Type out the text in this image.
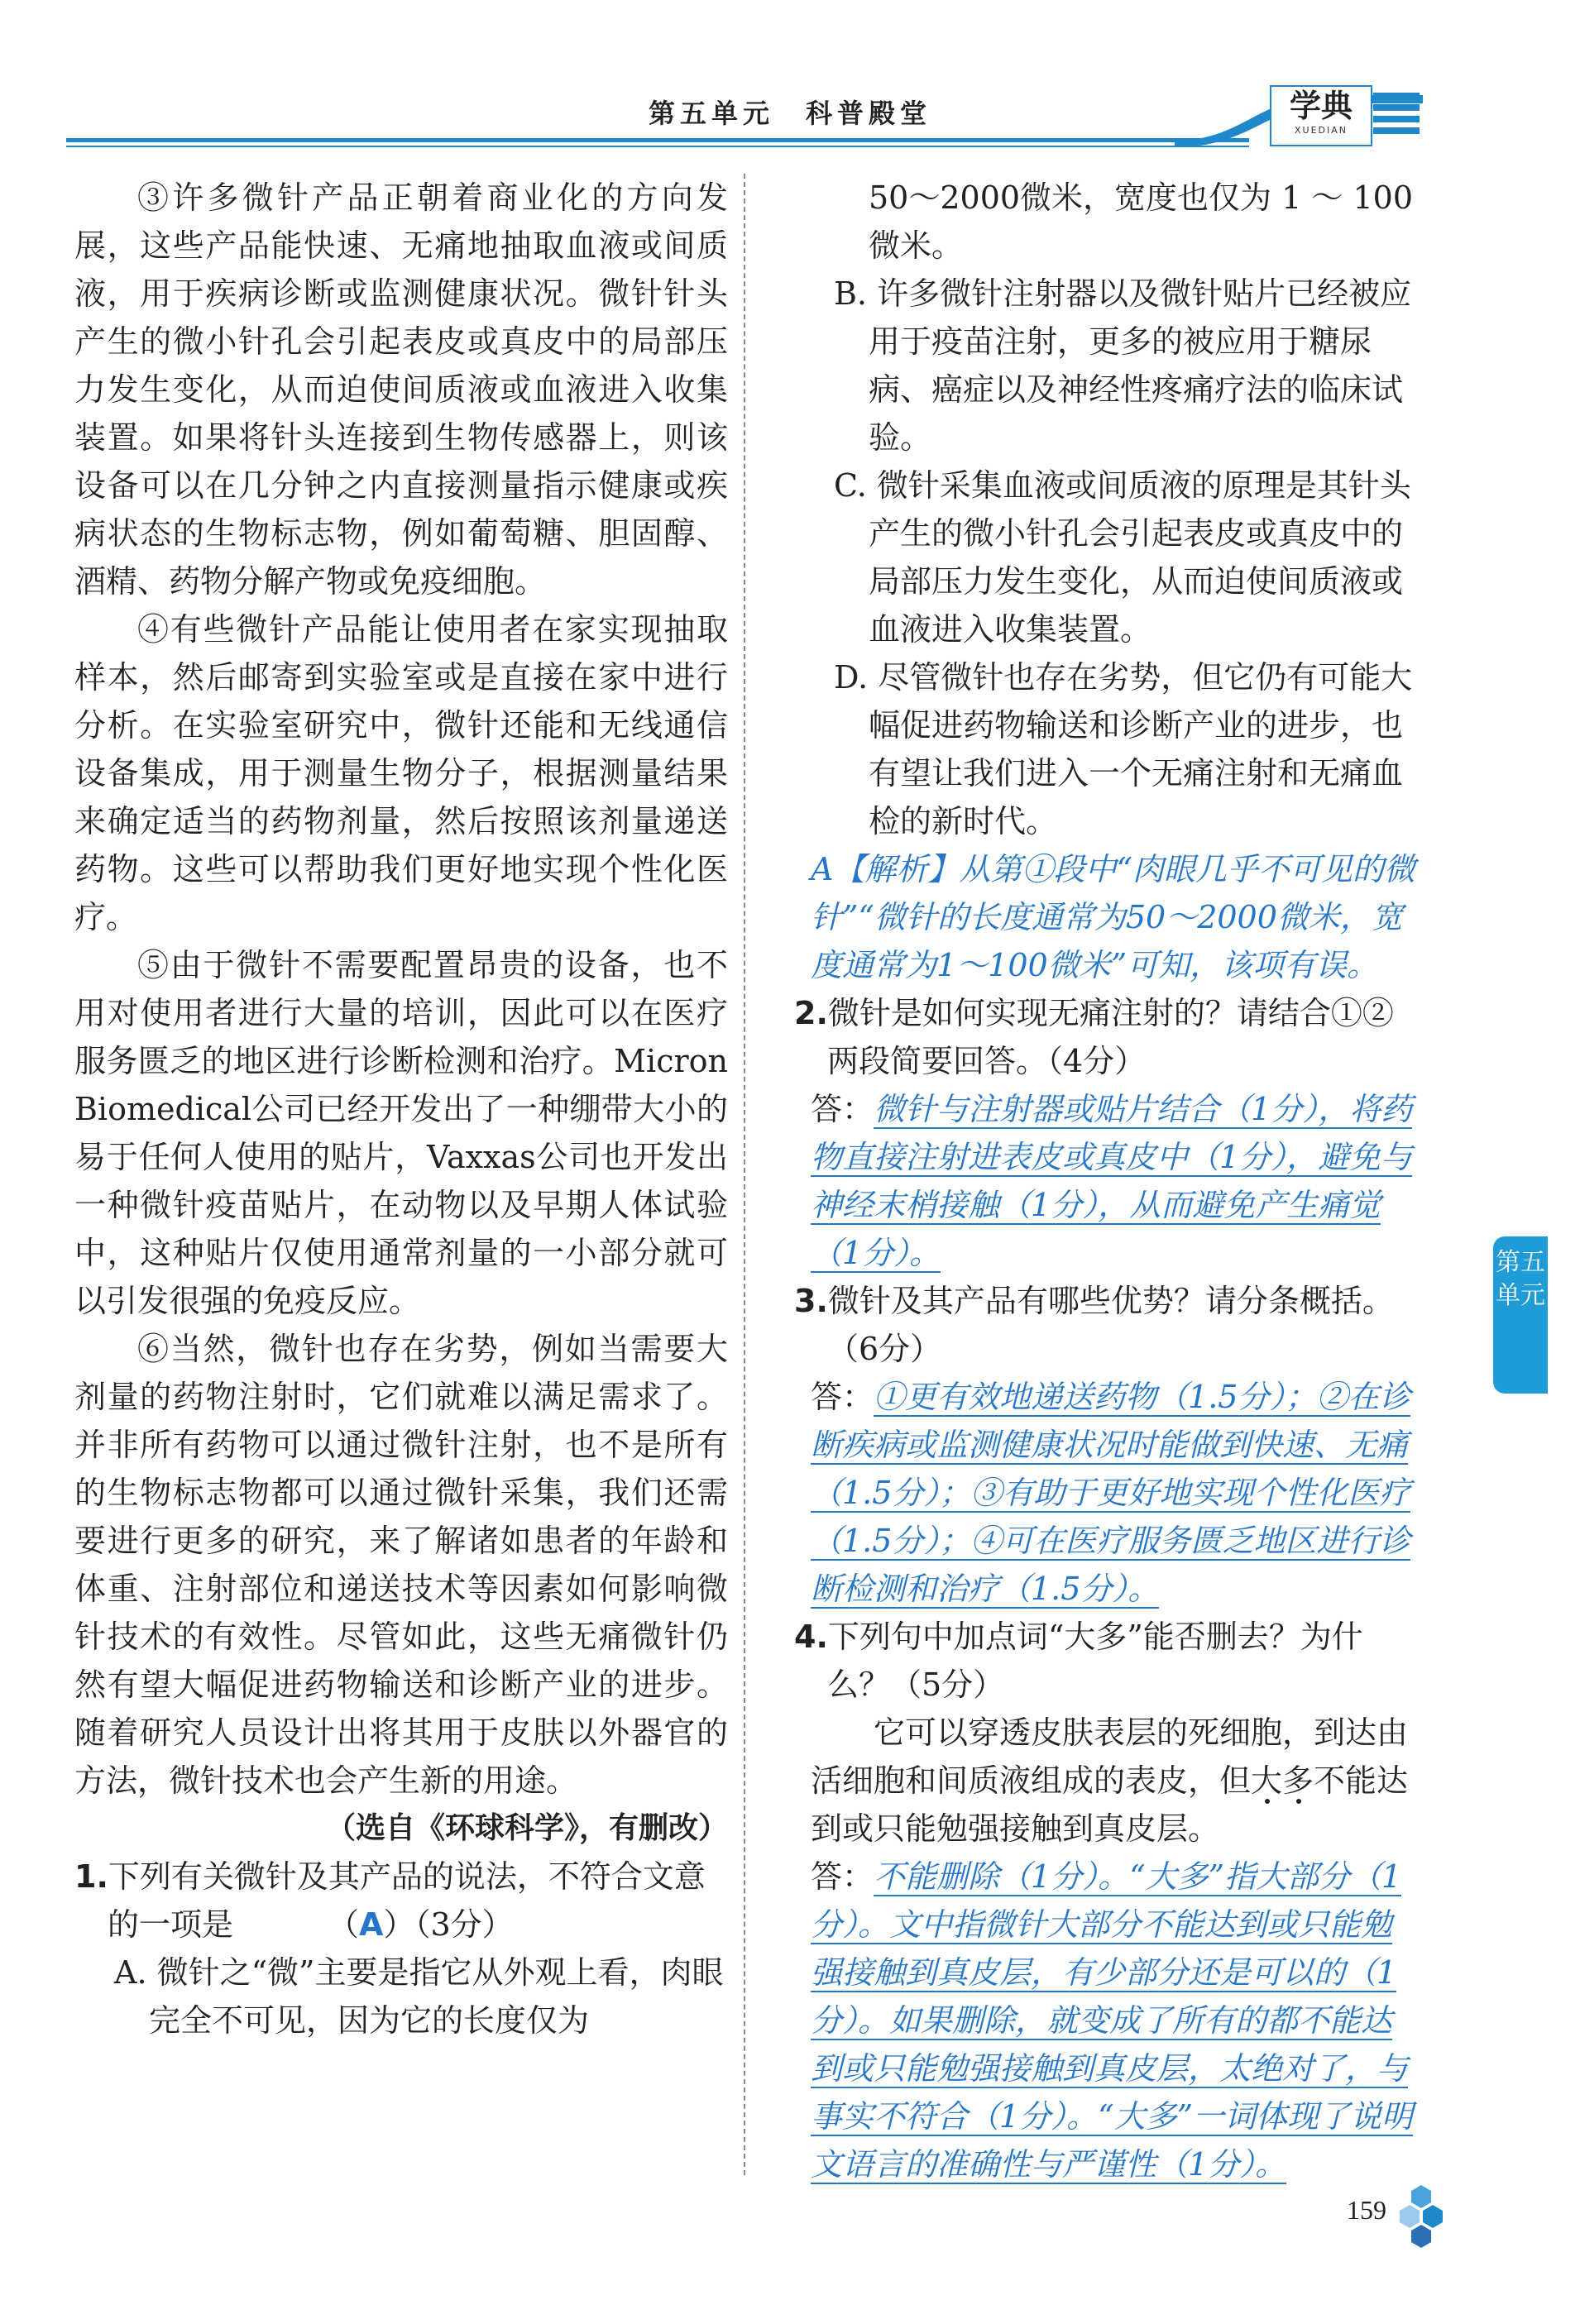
第五单元　科普殿堂	学典
XUEDIAN

③许多微针产品正朝着商业化的方向发展，这些产品能快速、无痛地抽取血液或间质液，用于疾病诊断或监测健康状况。微针针头产生的微小针孔会引起表皮或真皮中的局部压力发生变化，从而迫使间质液或血液进入收集装置。如果将针头连接到生物传感器上，则该设备可以在几分钟之内直接测量指示健康或疾病状态的生物标志物，例如葡萄糖、胆固醇、酒精、药物分解产物或免疫细胞。

④有些微针产品能让使用者在家实现抽取样本，然后邮寄到实验室或是直接在家中进行分析。在实验室研究中，微针还能和无线通信设备集成，用于测量生物分子，根据测量结果来确定适当的药物剂量，然后按照该剂量递送药物。这些可以帮助我们更好地实现个性化医疗。

⑤由于微针不需要配置昂贵的设备，也不用对使用者进行大量的培训，因此可以在医疗服务匮乏的地区进行诊断检测和治疗。Micron Biomedical公司已经开发出了一种绷带大小的易于任何人使用的贴片，Vaxxas公司也开发出一种微针疫苗贴片，在动物以及早期人体试验中，这种贴片仅使用通常剂量的一小部分就可以引发很强的免疫反应。

⑥当然，微针也存在劣势，例如当需要大剂量的药物注射时，它们就难以满足需求了。并非所有药物可以通过微针注射，也不是所有的生物标志物都可以通过微针采集，我们还需要进行更多的研究，来了解诸如患者的年龄和体重、注射部位和递送技术等因素如何影响微针技术的有效性。尽管如此，这些无痛微针仍然有望大幅促进药物输送和诊断产业的进步。随着研究人员设计出将其用于皮肤以外器官的方法，微针技术也会产生新的用途。

（选自《环球科学》，有删改）

1.下列有关微针及其产品的说法，不符合文意的一项是   	（A）（3分）

A. 微针之“微”主要是指它从外观上看，肉眼完全不可见，因为它的长度仅为

50～2000微米，宽度也仅为 1 ～ 100 微米。

B. 许多微针注射器以及微针贴片已经被应用于疫苗注射，更多的被应用于糖尿病、癌症以及神经性疼痛疗法的临床试验。

C. 微针采集血液或间质液的原理是其针头产生的微小针孔会引起表皮或真皮中的局部压力发生变化，从而迫使间质液或血液进入收集装置。

D. 尽管微针也存在劣势，但它仍有可能大幅促进药物输送和诊断产业的进步，也有望让我们进入一个无痛注射和无痛血检的新时代。

A【解析】从第①段中“肉眼几乎不可见的微针”“微针的长度通常为50～2000微米，宽度通常为1～100微米”可知，该项有误。

2.微针是如何实现无痛注射的？请结合①②两段简要回答。（4分）

答：微针与注射器或贴片结合（1分），将药物直接注射进表皮或真皮中（1分），避免与神经末梢接触（1分），从而避免产生痛觉（1分）。

3.微针及其产品有哪些优势？请分条概括。（6分）

答：①更有效地递送药物（1.5分）；②在诊断疾病或监测健康状况时能做到快速、无痛（1.5分）；③有助于更好地实现个性化医疗（1.5分）；④可在医疗服务匮乏地区进行诊断检测和治疗（1.5分）。

4.下列句中加点词“大多”能否删去？为什么？（5分）

它可以穿透皮肤表层的死细胞，到达由活细胞和间质液组成的表皮，但大多不能达到或只能勉强接触到真皮层。

答：不能删除（1分）。“大多”指大部分（1分）。文中指微针大部分不能达到或只能勉强接触到真皮层，有少部分还是可以的（1分）。如果删除，就变成了所有的都不能达到或只能勉强接触到真皮层，太绝对了，与事实不符合（1分）。“大多”一词体现了说明文语言的准确性与严谨性（1分）。

第五单元
159
